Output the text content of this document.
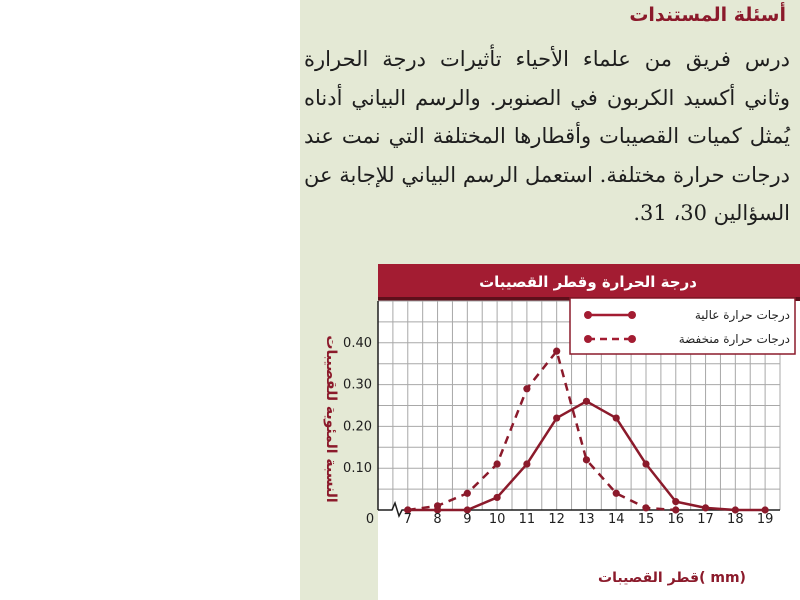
أسئلة المستندات
درس فريق من علماء الأحياء تأثيرات درجة الحرارة وثاني أكسيد الكربون في الصنوبر. والرسم البياني أدناه يُمثل كميات القصيبات وأقطارها المختلفة التي نمت عند درجات حرارة مختلفة. استعمل الرسم البياني للإجابة عن السؤالين 30، 31.
درجة الحرارة وقطر القصيبات
0 7 8 9 10 11 12 13 14 15 16 17 18 19
0.10
0.20
0.30
0.40
درجات حرارة عالية
درجات حرارة منخفضة
قطر القصيبات( mm)
النسبة المئوية للقصيبات
